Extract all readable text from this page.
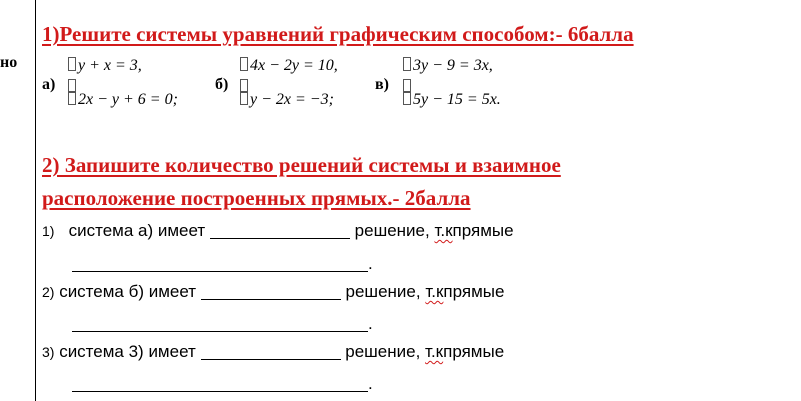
но
1)Решите системы уравнений графическим способом:- 6балла
а)
y + x = 3,
2x − y + 6 = 0;
б)
4x − 2y = 10,
y − 2x = −3;
в)
3y − 9 = 3x,
5y − 15 = 5x.
2) Запишите количество решений системы и взаимное
расположение построенных прямых.- 2балла
1) система а) имеет	решение, т.кпрямые
.
2) система б) имеет	решение, т.кпрямые
.
3) система 3) имеет	решение, т.кпрямые
.
